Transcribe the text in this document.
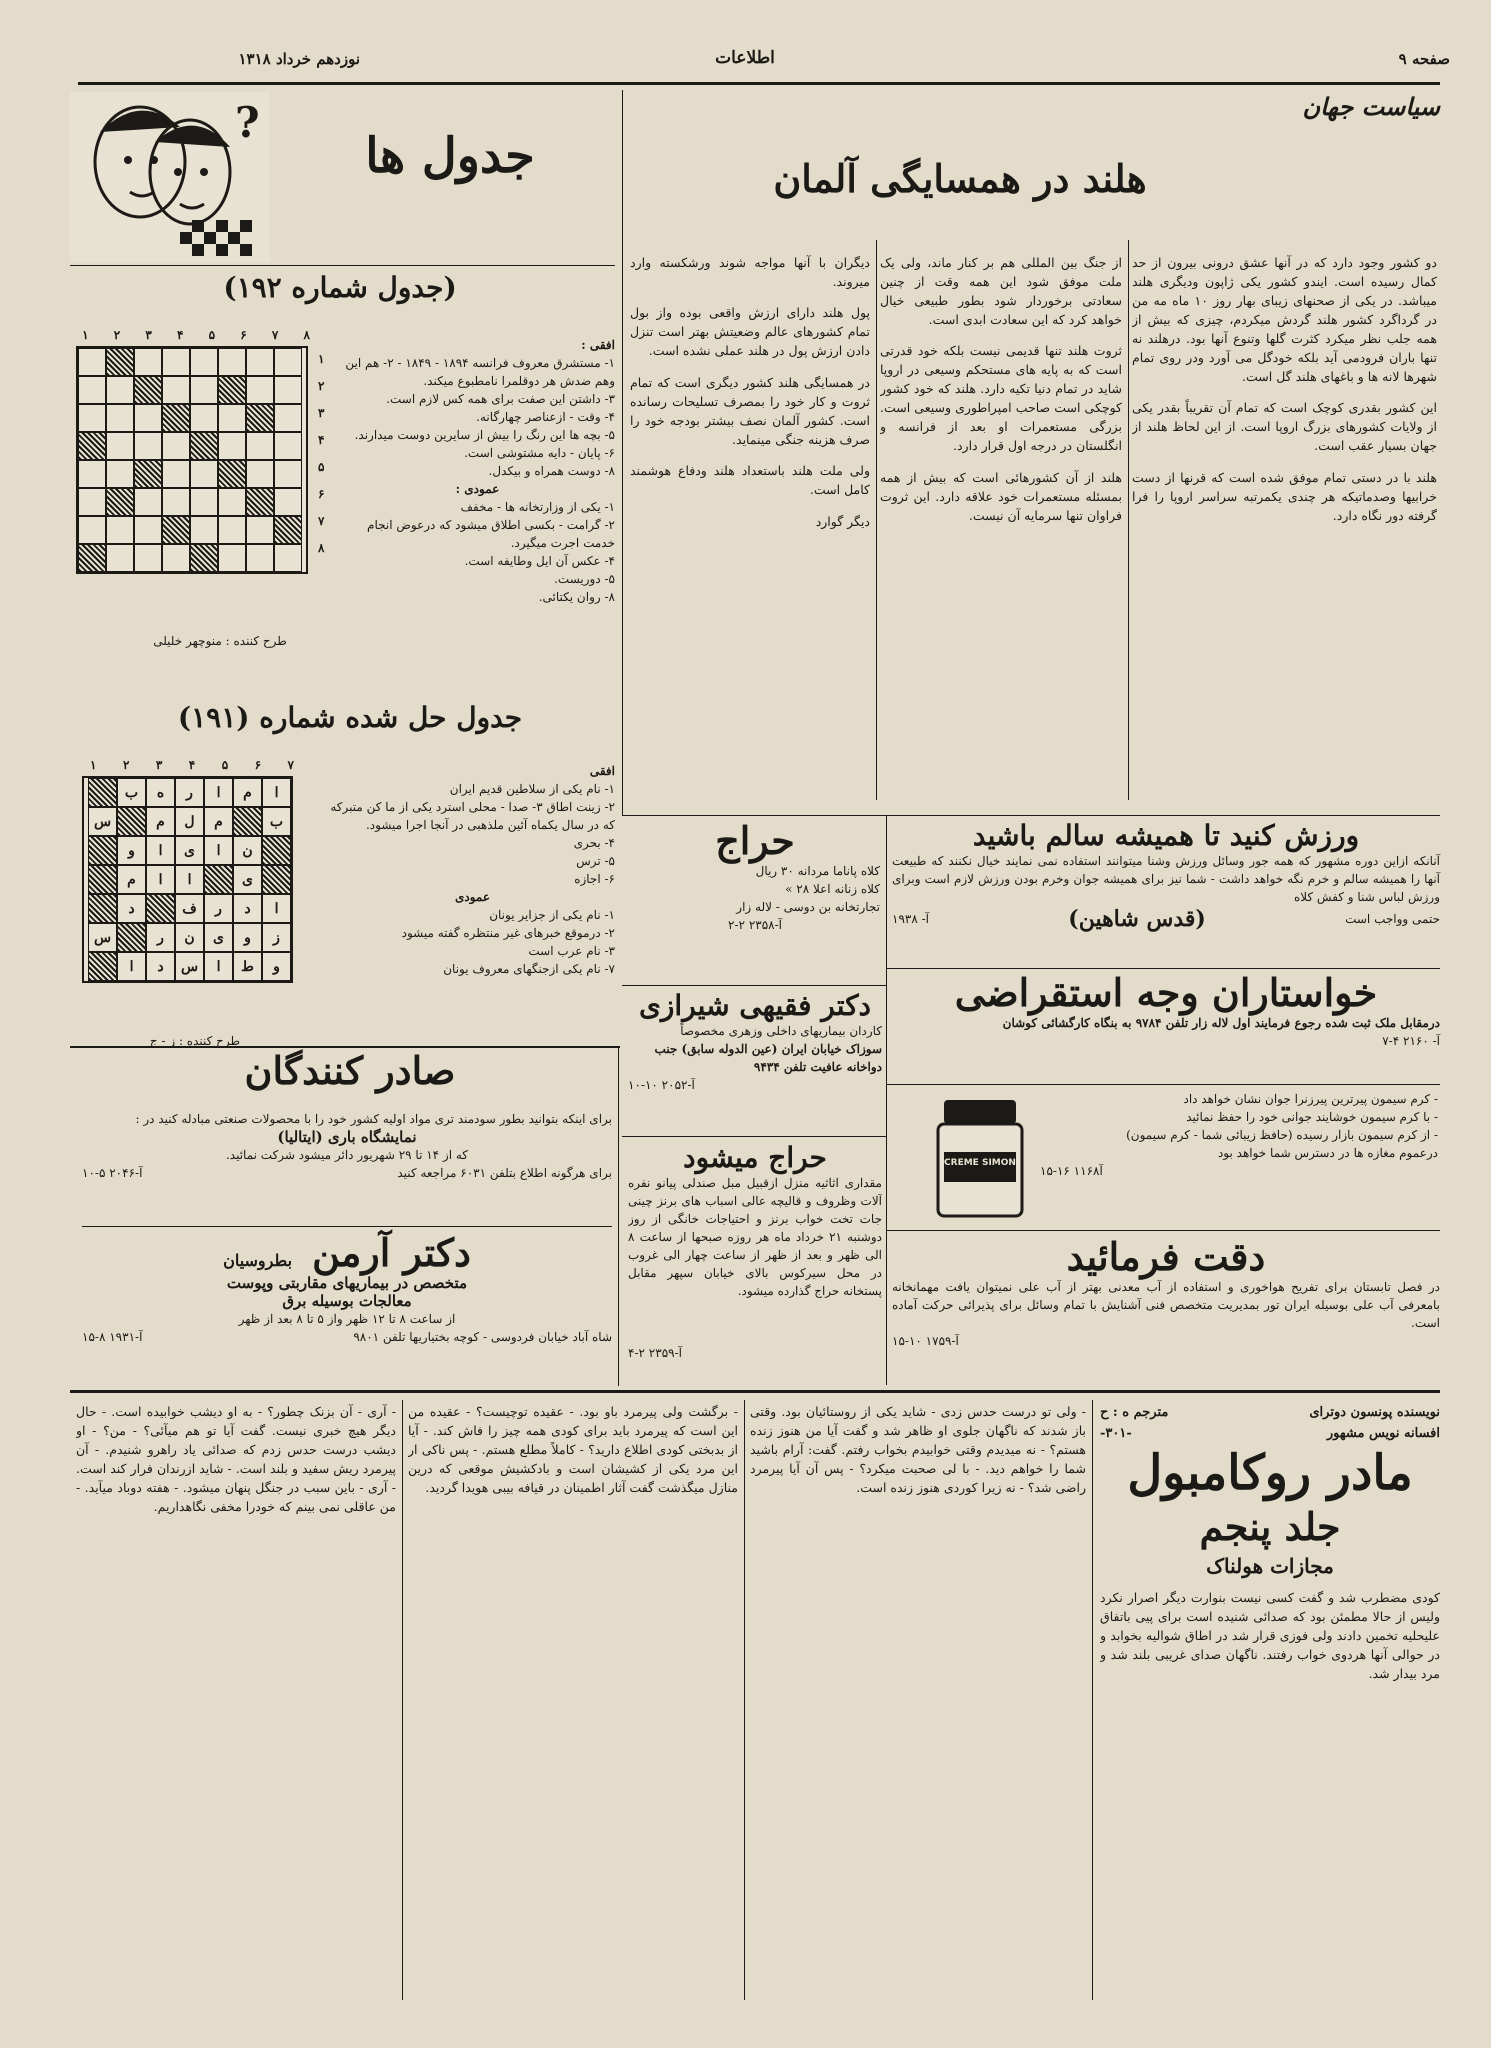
صفحه ۹
اطلاعات
نوزدهم خرداد ۱۳۱۸
سیاست جهان
هلند در همسایگی آلمان

دو کشور وجود دارد که در آنها عشق درونی بیرون از حد کمال رسیده است. ایندو کشور یکی ژاپون ودیگری هلند میباشد. در یکی از صحنهای زیبای بهار روز ۱۰ ماه مه من در گرداگرد کشور هلند گردش میکردم، چیزی که بیش از همه جلب نظر میکرد کثرت گلها وتنوع آنها بود. درهلند نه تنها باران فرودمی آید بلکه خودگل می آورد ودر روی تمام شهرها لانه ها و باغهای هلند گل است.

این کشور بقدری کوچک است که تمام آن تقریباً بقدر یکی از ولایات کشورهای بزرگ اروپا است. از این لحاظ هلند از جهان بسیار عقب است.

هلند با در دستی تمام موفق شده است که قرنها از دست خرابیها وصدماتیکه هر چندی یکمرتبه سراسر اروپا را فرا گرفته دور نگاه دارد.

از جنگ بین المللی هم بر کنار ماند، ولی یک ملت موفق شود این همه وقت از چنین سعادتی برخوردار شود بطور طبیعی خیال خواهد کرد که این سعادت ابدی است.

ثروت هلند تنها قدیمی نیست بلکه خود قدرتی است که به پایه های مستحکم وسیعی در اروپا شاید در تمام دنیا تکیه دارد. هلند که خود کشور کوچکی است صاحب امپراطوری وسیعی است. بزرگی مستعمرات او بعد از فرانسه و انگلستان در درجه اول قرار دارد.

هلند از آن کشورهائی است که بیش از همه بمسئله مستعمرات خود علاقه دارد. این ثروت فراوان تنها سرمایه آن نیست.

دیگران با آنها مواجه شوند ورشکسته وارد میروند.

پول هلند دارای ارزش واقعی بوده واز بول تمام کشورهای عالم وضعیتش بهتر است تنزل دادن ارزش پول در هلند عملی نشده است.

در همسایگی هلند کشور دیگری است که تمام ثروت و کار خود را بمصرف تسلیحات رسانده است. کشور آلمان نصف بیشتر بودجه خود را صرف هزینه جنگی مینماید.

ولی ملت هلند باستعداد هلند ودفاع هوشمند کامل است.

دیگر گوارد

?
جدول ها
(جدول شماره ۱۹۲)
۸
۷
۶
۵
۴
۳
۲
۱
۱
۲
۳
۴
۵
۶
۷
۸
طرح کننده : منوچهر خلیلی
افقی :
۱- مستشرق معروف فرانسه ۱۸۹۴ - ۱۸۴۹ - ۲- هم این وهم ضدش هر دوقلمرا نامطبوع میکند.
۳- داشتن این صفت برای همه کس لازم است.
۴- وقت - ازعناصر چهارگانه.
۵- بچه ها این رنگ را بیش از سایرین دوست میدارند.
۶- پایان - دایه مشتوشی است.
۸- دوست همراه و بیکدل.
عمودی :
۱- یکی از وزارتخانه ها - مخفف
۲- گرامت - بکسی اطلاق میشود که درعوض انجام خدمت اجرت میگیرد.
۴- عکس آن ایل وطایفه است.
۵- دوریست.
۸- روان یکتائی.
جدول حل شده شماره (۱۹۱)
۷
۶
۵
۴
۳
۲
۱
ا
م
ا
ر
ه
ب
ب
م
ل
م
س
ن
ا
ی
ا
و
ی
ا
ا
م
ا
د
ر
ف
د
ز
و
ی
ن
ر
س
و
ط
ا
س
د
ا
طرح کننده : ز - ج
افقی
۱- نام یکی از سلاطین قدیم ایران
۲- زینت اطاق ۳- صدا - محلی استرد یکی از ما کن متبرکه که در سال یکماه آئین ملذهبی در آنجا اجرا میشود.
۴- بحرى
۵- ترس
۶- اجازه
عمودی
۱- نام یکی از جزایر یونان
۲- درموقع خبرهای غیر منتظره گفته میشود
۳- نام عرب است
۷- نام یکی ازجنگهای معروف یونان
صادر کنندگان
برای اینکه بتوانید بطور سودمند تری مواد اولیه کشور خود را با محصولات صنعتی مبادله کنید در :
نمایشگاه باری (ایتالیا)
که از ۱۴ تا ۲۹ شهریور دائر میشود شرکت نمائید.
برای هرگونه اطلاع بتلفن ۶۰۳۱ مراجعه کنید
آ-۲۰۴۶ ۵-۱۰
دکتر آرمن
بطروسیان
متخصص در بیماریهای مقاربتی وپوست
معالجات بوسیله برق
از ساعت ۸ تا ۱۲ ظهر واز ۵ تا ۸ بعد از ظهر
شاه آباد خیابان فردوسی - کوچه بختیاریها تلفن ۹۸۰۱
آ-۱۹۳۱ ۸-۱۵
حراج
کلاه پاناما مردانه ۳۰ ریال
کلاه زنانه اعلا ۲۸ »
تجارتخانه بن دوسی - لاله زار
آ-۲۳۵۸ ۲-۲
دکتر فقیهی شیرازی
کاردان بیماریهای داخلی وزهری مخصوصاً
سوزاک خیابان ایران (عین الدوله سابق) جنب دواخانه عافیت تلفن ۹۴۳۴
آ-۲۰۵۲ ۱۰-۱۰
حراج میشود
مقداری اثاثیه منزل ازقبیل مبل صندلی پیانو نفره آلات وظروف و قالیچه عالی اسباب های برنز چینی جات تخت خواب برنز و احتیاجات خانگی از روز دوشنبه ۲۱ خرداد ماه هر روزه صبحها از ساعت ۸ الی ظهر و بعد از ظهر از ساعت چهار الی غروب در محل سیرکوس بالای خیابان سپهر مقابل پستخانه حراج گذارده میشود.
آ-۲۳۵۹ ۲-۴
ورزش کنید تا همیشه سالم باشید
آنانکه ازاین دوره مشهور که همه جور وسائل ورزش وشنا میتوانند استفاده نمی نمایند خیال نکنند که طبیعت آنها را همیشه سالم و خرم نگه خواهد داشت - شما نیز برای همیشه جوان وخرم بودن ورزش لازم است وبرای ورزش لباس شنا و کفش کلاه
حتمی وواجب است
(قدس شاهین)
آ- ۱۹۳۸
خواستاران وجه استقراضی
درمقابل ملک ثبت شده رجوع فرمایند اول لاله زار تلفن ۹۷۸۴ به بنگاه کارگشائی کوشان
آ- ۲۱۶۰ ۴-۷
CREME SIMON
- کرم سیمون پیرترین پیرزنرا جوان نشان خواهد داد
- با کرم سیمون خوشایند جوانی خود را حفظ نمائید
- از کرم سیمون بازار رسیده (حافظ زیبائی شما - کرم سیمون)
درعموم مغازه ها در دسترس شما خواهد بود
آ۱۱۶۸ ۱۶-۱۵
دقت فرمائید
در فصل تابستان برای تفریح هواخوری و استفاده از آب معدنی بهتر از آب علی نمیتوان یافت مهمانخانه بامعرفی آب علی بوسیله ایران تور بمدیریت متخصص فنی آشنایش با تمام وسائل برای پذیرائی حرکت آماده است.
آ-۱۷۵۹ ۱۰-۱۵
نویسنده پونسون دوترای
مترجم ه : ح
افسانه نویس مشهور
-۳۰۱-
مادر روکامبول
جلد پنجم
مجازات هولناک
کودی مضطرب شد و گفت کسی نیست بنوارت دیگر اصرار نکرد ولیس از حالا مطمئن بود که صدائی شنیده است برای پیی باتفاق علیحلیه تخمین دادند ولی فوزی قرار شد در اطاق شوالیه بخوابد و در حوالی آنها هردوی خواب رفتند. ناگهان صدای غریبی بلند شد و مرد بیدار شد.
- ولی تو درست حدس زدی - شاید یکی از روستائیان بود. وقتی باز شدند که ناگهان جلوی او ظاهر شد و گفت آیا من هنوز زنده هستم؟ - نه میدیدم وقتی خوابیدم بخواب رفتم. گفت: آرام باشید شما را خواهم دید. - با لی صحبت میکرد؟ - پس آن آیا پیرمرد راضی شد؟ - نه زیرا کوردی هنوز زنده است.
- برگشت ولی پیرمرد باو بود. - عقیده توچیست؟ - عقیده من این است که پیرمرد باید برای کودی همه چیز را فاش کند. - آیا از بدبختی کودی اطلاع دارید؟ - کاملاً مطلع هستم. - پس ناکی ار این مرد یکی از کشیشان است و بادکشیش موقعی که درین منازل میگذشت گفت آثار اطمینان در قیافه بیبی هویدا گردید.
- آری - آن بزنک چطور؟ - به او دیشب خوابیده است. - حال دیگر هیچ خبری نیست. گفت آیا تو هم میآئی؟ - من؟ - او دیشب درست حدس زدم که صدائی یاد راهرو شنیدم. - آن پیرمرد ریش سفید و بلند است. - شاید ازرندان فرار کند است. - آری - باین سبب در جنگل پنهان میشود. - هفته دوباد میآید. - من عاقلی نمی بینم که خودرا مخفی نگاهداریم.
